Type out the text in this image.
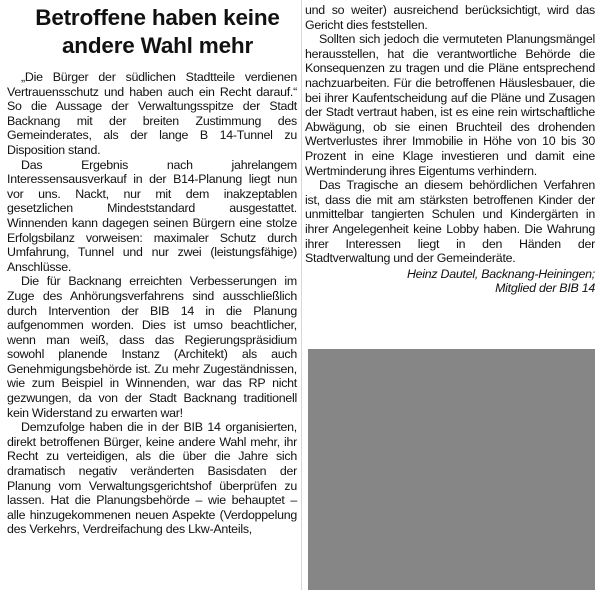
Betroffene haben keine
andere Wahl mehr

„Die Bürger der südlichen Stadtteile verdienen Vertrauensschutz und haben auch ein Recht darauf.“ So die Aussage der Verwaltungsspitze der Stadt Backnang mit der breiten Zustimmung des Gemeinderates, als der lange B 14-Tunnel zu Disposition stand.

Das Ergebnis nach jahrelangem Interessensausverkauf in der B14-Planung liegt nun vor uns. Nackt, nur mit dem inakzeptablen gesetzlichen Mindeststandard ausgestattet. Winnenden kann dagegen seinen Bürgern eine stolze Erfolgsbilanz vorweisen: maximaler Schutz durch Umfahrung, Tunnel und nur zwei (leistungsfähige) Anschlüsse.

Die für Backnang erreichten Verbesserungen im Zuge des Anhörungsverfahrens sind ausschließlich durch Intervention der BIB 14 in die Planung aufgenommen worden. Dies ist umso beachtlicher, wenn man weiß, dass das Regierungspräsidium sowohl planende Instanz (Architekt) als auch Genehmigungsbehörde ist. Zu mehr Zugeständnissen, wie zum Beispiel in Winnenden, war das RP nicht gezwungen, da von der Stadt Backnang traditionell kein Widerstand zu erwarten war!

Demzufolge haben die in der BIB 14 organisierten, direkt betroffenen Bürger, keine andere Wahl mehr, ihr Recht zu verteidigen, als die über die Jahre sich dramatisch negativ veränderten Basisdaten der Planung vom Verwaltungsgerichtshof überprüfen zu lassen. Hat die Planungsbehörde – wie behauptet – alle hinzugekommenen neuen Aspekte (Verdoppelung des Verkehrs, Verdreifachung des Lkw-Anteils,

und so weiter) ausreichend berücksichtigt, wird das Gericht dies feststellen.

Sollten sich jedoch die vermuteten Planungsmängel herausstellen, hat die verantwortliche Behörde die Konsequenzen zu tragen und die Pläne entsprechend nachzuarbeiten. Für die betroffenen Häuslesbauer, die bei ihrer Kaufentscheidung auf die Pläne und Zusagen der Stadt vertraut haben, ist es eine rein wirtschaftliche Abwägung, ob sie einen Bruchteil des drohenden Wertverlustes ihrer Immobilie in Höhe von 10 bis 30 Prozent in eine Klage investieren und damit eine Wertminderung ihres Eigentums verhindern.

Das Tragische an diesem behördlichen Verfahren ist, dass die mit am stärksten betroffenen Kinder der unmittelbar tangierten Schulen und Kindergärten in ihrer Angelegenheit keine Lobby haben. Die Wahrung ihrer Interessen liegt in den Händen der Stadtverwaltung und der Gemeinderäte.

Heinz Dautel, Backnang-Heiningen;
Mitglied der BIB 14
